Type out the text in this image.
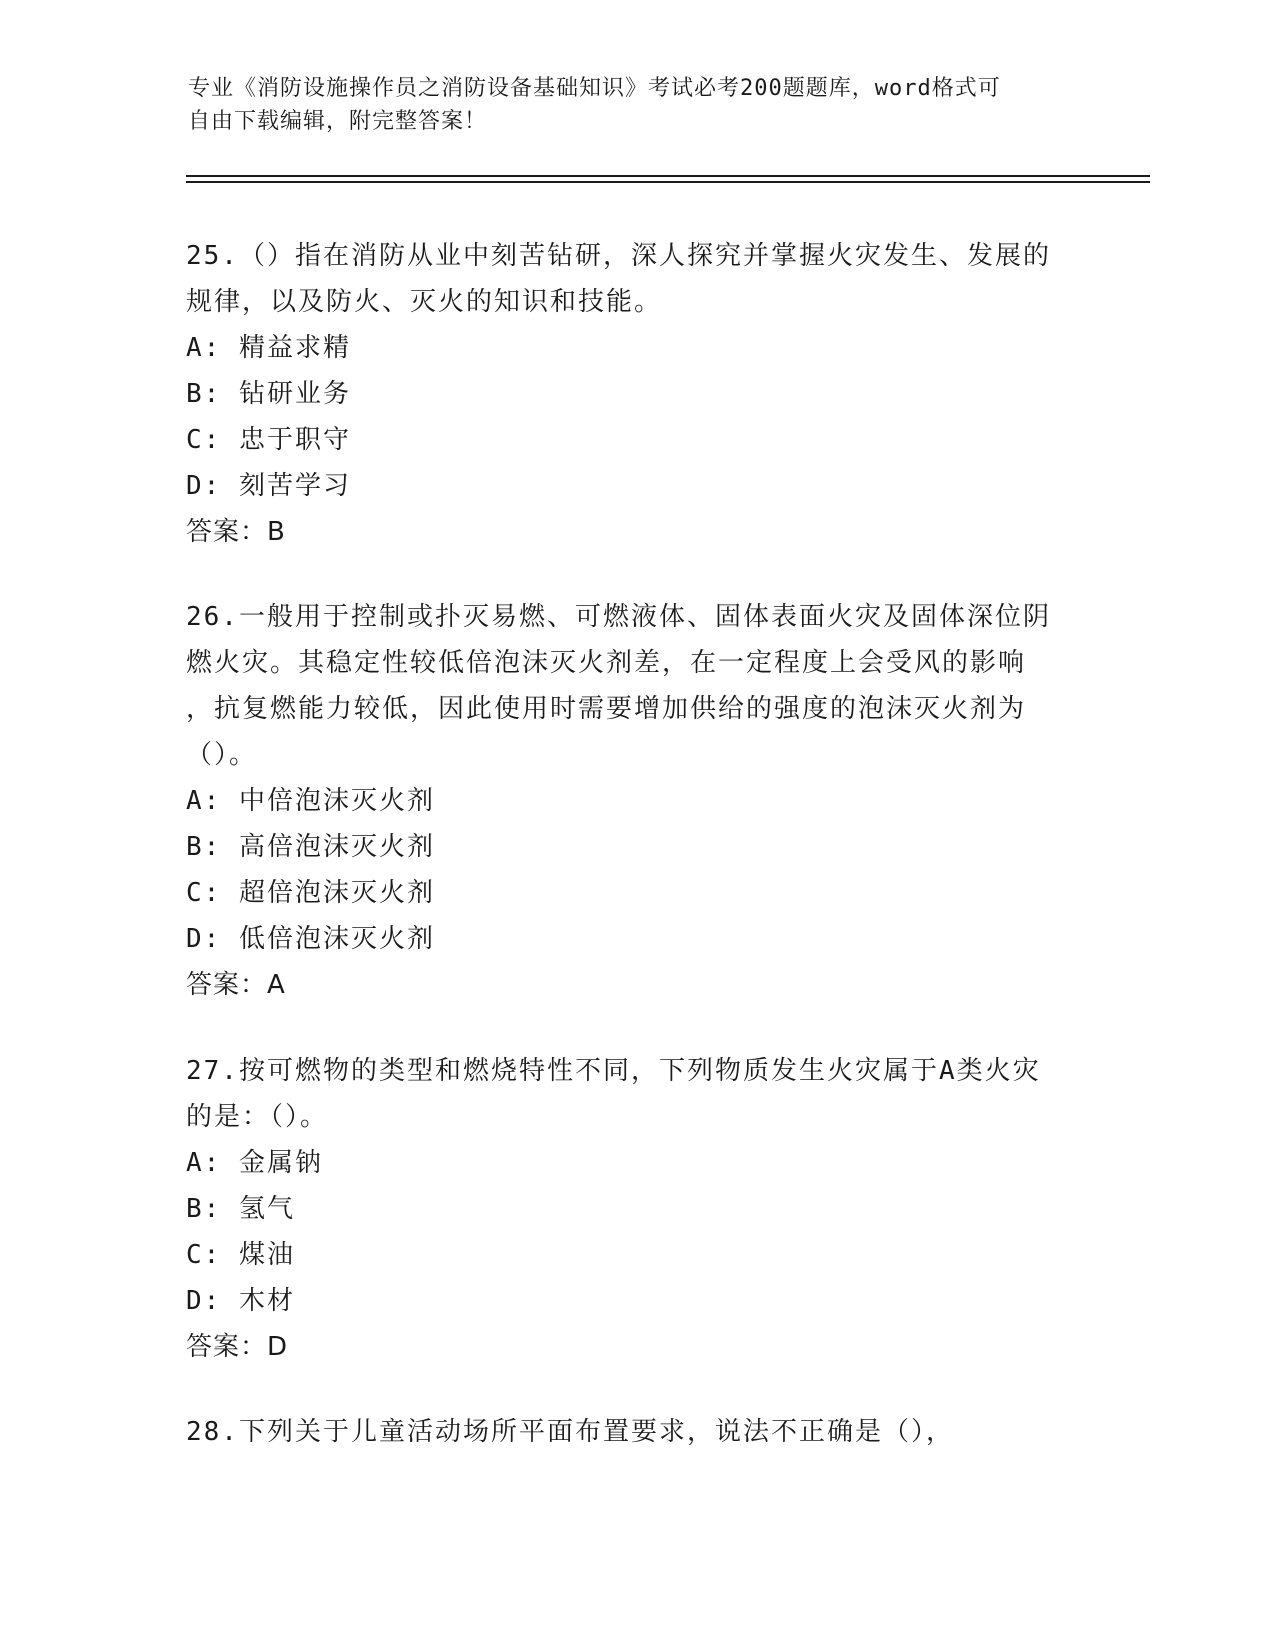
专业《消防设施操作员之消防设备基础知识》考试必考200题题库，word格式可
自由下载编辑，附完整答案！

25.（）指在消防从业中刻苦钻研，深人探究并掌握火灾发生、发展的

规律，以及防火、灭火的知识和技能。

A: 精益求精

B: 钻研业务

C: 忠于职守

D: 刻苦学习

答案：B

26.一般用于控制或扑灭易燃、可燃液体、固体表面火灾及固体深位阴

燃火灾。其稳定性较低倍泡沫灭火剂差，在一定程度上会受风的影响

，抗复燃能力较低，因此使用时需要增加供给的强度的泡沫灭火剂为

（）。

A: 中倍泡沫灭火剂

B: 高倍泡沫灭火剂

C: 超倍泡沫灭火剂

D: 低倍泡沫灭火剂

答案：A

27.按可燃物的类型和燃烧特性不同，下列物质发生火灾属于A类火灾

的是：（）。

A: 金属钠

B: 氢气

C: 煤油

D: 木材

答案：D

28.下列关于儿童活动场所平面布置要求，说法不正确是（），
